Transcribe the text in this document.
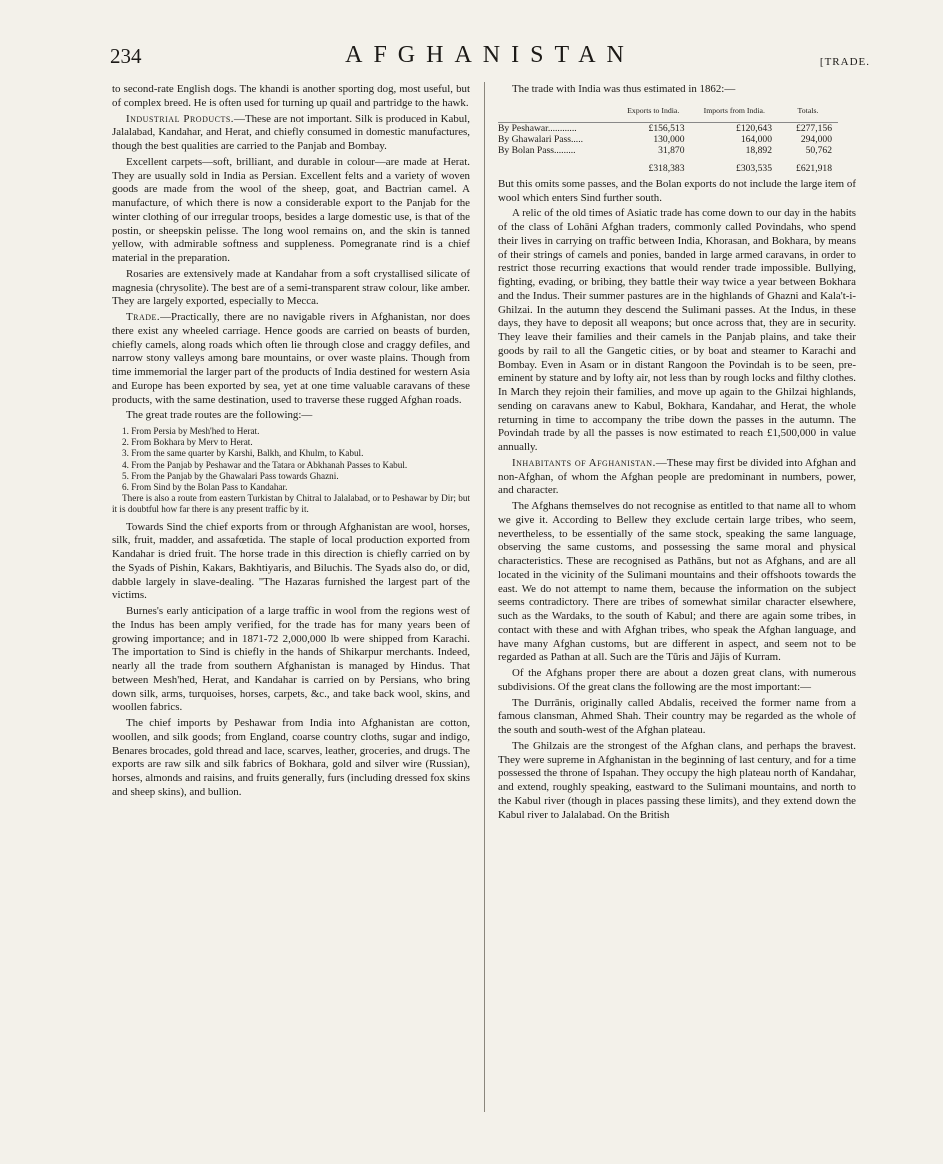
234	AFGHANISTAN	[TRADE.

to second-rate English dogs. The khandi is another sporting dog, most useful, but of complex breed. He is often used for turning up quail and partridge to the hawk.

Industrial Products.—These are not important. Silk is produced in Kabul, Jalalabad, Kandahar, and Herat, and chiefly consumed in domestic manufactures, though the best qualities are carried to the Panjab and Bombay.

Excellent carpets—soft, brilliant, and durable in colour—are made at Herat. They are usually sold in India as Persian. Excellent felts and a variety of woven goods are made from the wool of the sheep, goat, and Bactrian camel. A manufacture, of which there is now a considerable export to the Panjab for the winter clothing of our irregular troops, besides a large domestic use, is that of the postin, or sheepskin pelisse. The long wool remains on, and the skin is tanned yellow, with admirable softness and suppleness. Pomegranate rind is a chief material in the preparation.

Rosaries are extensively made at Kandahar from a soft crystallised silicate of magnesia (chrysolite). The best are of a semi-transparent straw colour, like amber. They are largely exported, especially to Mecca.

Trade.—Practically, there are no navigable rivers in Afghanistan, nor does there exist any wheeled carriage. Hence goods are carried on beasts of burden, chiefly camels, along roads which often lie through close and craggy defiles, and narrow stony valleys among bare mountains, or over waste plains. Though from time immemorial the larger part of the products of India destined for western Asia and Europe has been exported by sea, yet at one time valuable caravans of these products, with the same destination, used to traverse these rugged Afghan roads.

The great trade routes are the following:—

1. From Persia by Mesh'hed to Herat.
2. From Bokhara by Merv to Herat.
3. From the same quarter by Karshi, Balkh, and Khulm, to Kabul.
4. From the Panjab by Peshawar and the Tatara or Abkhanah Passes to Kabul.
5. From the Panjab by the Ghawalari Pass towards Ghazni.
6. From Sind by the Bolan Pass to Kandahar.
There is also a route from eastern Turkistan by Chitral to Jalalabad, or to Peshawar by Dir; but it is doubtful how far there is any present traffic by it.

Towards Sind the chief exports from or through Afghanistan are wool, horses, silk, fruit, madder, and assafœtida. The staple of local production exported from Kandahar is dried fruit. The horse trade in this direction is chiefly carried on by the Syads of Pishin, Kakars, Bakhtiyaris, and Biluchis. The Syads also do, or did, dabble largely in slave-dealing. "The Hazaras furnished the largest part of the victims.

Burnes's early anticipation of a large traffic in wool from the regions west of the Indus has been amply verified, for the trade has for many years been of growing importance; and in 1871-72 2,000,000 lb were shipped from Karachi. The importation to Sind is chiefly in the hands of Shikarpur merchants. Indeed, nearly all the trade from southern Afghanistan is managed by Hindus. That between Mesh'hed, Herat, and Kandahar is carried on by Persians, who bring down silk, arms, turquoises, horses, carpets, &c., and take back wool, skins, and woollen fabrics.

The chief imports by Peshawar from India into Afghanistan are cotton, woollen, and silk goods; from England, coarse country cloths, sugar and indigo, Benares brocades, gold thread and lace, scarves, leather, groceries, and drugs. The exports are raw silk and silk fabrics of Bokhara, gold and silver wire (Russian), horses, almonds and raisins, and fruits generally, furs (including dressed fox skins and sheep skins), and bullion.

The trade with India was thus estimated in 1862:—

	Exports to India.	Imports from India.	Totals.
By Peshawar............	£156,513	£120,643	£277,156
By Ghawalari Pass.....	130,000	164,000	294,000
By Bolan Pass.........	31,870	18,892	50,762
	£318,383	£303,535	£621,918

But this omits some passes, and the Bolan exports do not include the large item of wool which enters Sind further south.

A relic of the old times of Asiatic trade has come down to our day in the habits of the class of Lohāni Afghan traders, commonly called Povindahs, who spend their lives in carrying on traffic between India, Khorasan, and Bokhara, by means of their strings of camels and ponies, banded in large armed caravans, in order to restrict those recurring exactions that would render trade impossible. Bullying, fighting, evading, or bribing, they battle their way twice a year between Bokhara and the Indus. Their summer pastures are in the highlands of Ghazni and Kala't-i-Ghilzai. In the autumn they descend the Sulimani passes. At the Indus, in these days, they have to deposit all weapons; but once across that, they are in security. They leave their families and their camels in the Panjab plains, and take their goods by rail to all the Gangetic cities, or by boat and steamer to Karachi and Bombay. Even in Asam or in distant Rangoon the Povindah is to be seen, pre-eminent by stature and by lofty air, not less than by rough locks and filthy clothes. In March they rejoin their families, and move up again to the Ghilzai highlands, sending on caravans anew to Kabul, Bokhara, Kandahar, and Herat, the whole returning in time to accompany the tribe down the passes in the autumn. The Povindah trade by all the passes is now estimated to reach £1,500,000 in value annually.

Inhabitants of Afghanistan.—These may first be divided into Afghan and non-Afghan, of whom the Afghan people are predominant in numbers, power, and character.

The Afghans themselves do not recognise as entitled to that name all to whom we give it. According to Bellew they exclude certain large tribes, who seem, nevertheless, to be essentially of the same stock, speaking the same language, observing the same customs, and possessing the same moral and physical characteristics. These are recognised as Pathāns, but not as Afghans, and are all located in the vicinity of the Sulimani mountains and their offshoots towards the east. We do not attempt to name them, because the information on the subject seems contradictory. There are tribes of somewhat similar character elsewhere, such as the Wardaks, to the south of Kabul; and there are again some tribes, in contact with these and with Afghan tribes, who speak the Afghan language, and have many Afghan customs, but are different in aspect, and seem not to be regarded as Pathan at all. Such are the Tūris and Jājis of Kurram.

Of the Afghans proper there are about a dozen great clans, with numerous subdivisions. Of the great clans the following are the most important:—

The Durrānis, originally called Abdalis, received the former name from a famous clansman, Ahmed Shah. Their country may be regarded as the whole of the south and south-west of the Afghan plateau.

The Ghilzais are the strongest of the Afghan clans, and perhaps the bravest. They were supreme in Afghanistan in the beginning of last century, and for a time possessed the throne of Ispahan. They occupy the high plateau north of Kandahar, and extend, roughly speaking, eastward to the Sulimani mountains, and north to the Kabul river (though in places passing these limits), and they extend down the Kabul river to Jalalabad. On the British
